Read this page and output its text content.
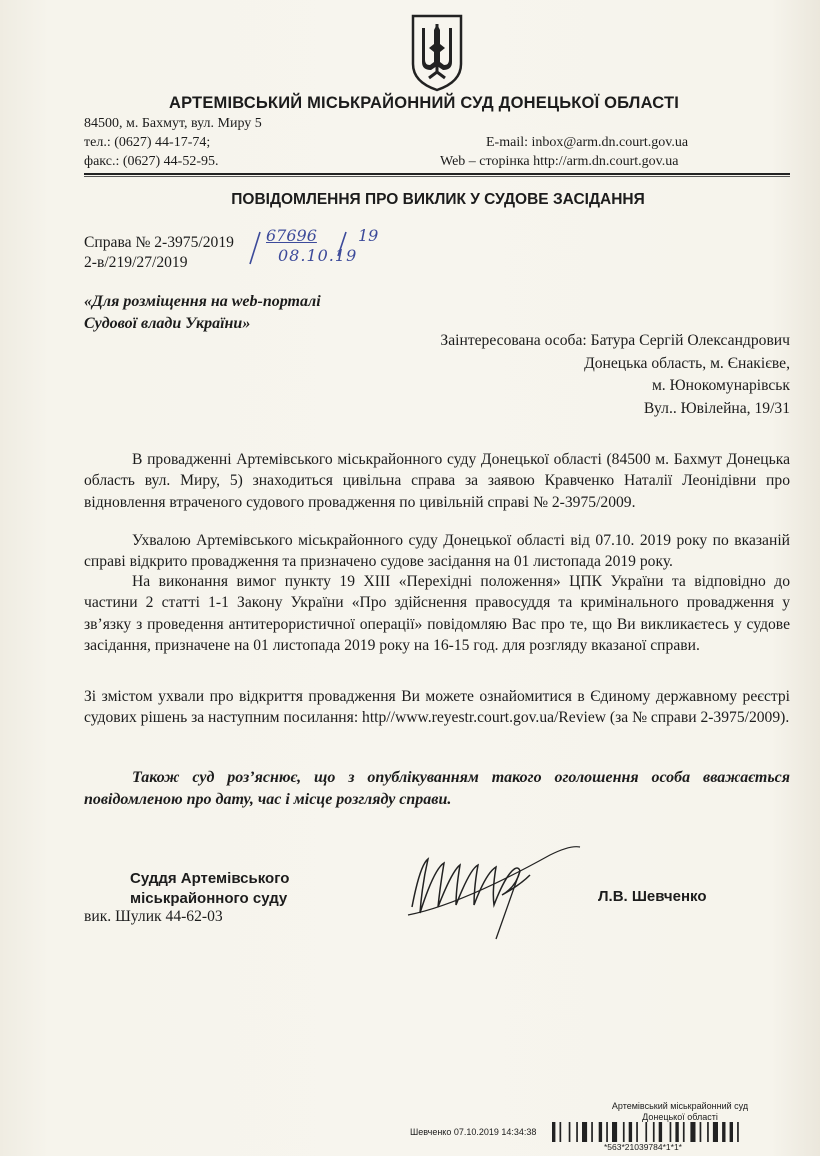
АРТЕМІВСЬКИЙ МІСЬКРАЙОННИЙ СУД ДОНЕЦЬКОЇ ОБЛАСТІ
84500, м. Бахмут, вул. Миру 5
тел.: (0627) 44-17-74;
факс.: (0627) 44-52-95.
E-mail: inbox@arm.dn.court.gov.ua
Web – сторінка http://arm.dn.court.gov.ua
ПОВІДОМЛЕННЯ ПРО ВИКЛИК У СУДОВЕ ЗАСІДАННЯ
Справа № 2-3975/2019
2-в/219/27/2019
67696	19
08.10.19
«Для розміщення на web-порталі
Судової влади України»
Заінтересована особа: Батура Сергій Олександрович
Донецька область, м. Єнакієве,
м. Юнокомунарівськ
Вул.. Ювілейна, 19/31
В провадженні Артемівського міськрайонного суду Донецької області (84500 м. Бахмут Донецька область вул. Миру, 5) знаходиться цивільна справа за заявою Кравченко Наталії Леонідівни про відновлення втраченого судового провадження по цивільній справі № 2-3975/2009.
Ухвалою Артемівського міськрайонного суду Донецької області від 07.10. 2019 року по вказаній справі відкрито провадження та призначено судове засідання на 01 листопада 2019 року.
На виконання вимог пункту 19 ХІІІ «Перехідні положення» ЦПК України та відповідно до частини 2 статті 1-1 Закону України «Про здійснення правосуддя та кримінального провадження у зв’язку з проведення антитерористичної операції» повідомляю Вас про те, що Ви викликаєтесь у судове засідання, призначене на 01 листопада 2019 року на 16-15 год. для розгляду вказаної справи.
Зі змістом ухвали про відкриття провадження Ви можете ознайомитися в Єдиному державному реєстрі судових рішень за наступним посилання: http//www.reyestr.court.gov.ua/Review (за № справи 2-3975/2009).
Також суд роз’яснює, що з опублікуванням такого оголошення особа вважається повідомленою про дату, час і місце розгляду справи.
Суддя Артемівського
міськрайонного суду
вик. Шулик 44-62-03
Л.В. Шевченко
Артемівський міськрайонний суд
Донецької області
Шевченко 07.10.2019 14:34:38
*563*21039784*1*1*
